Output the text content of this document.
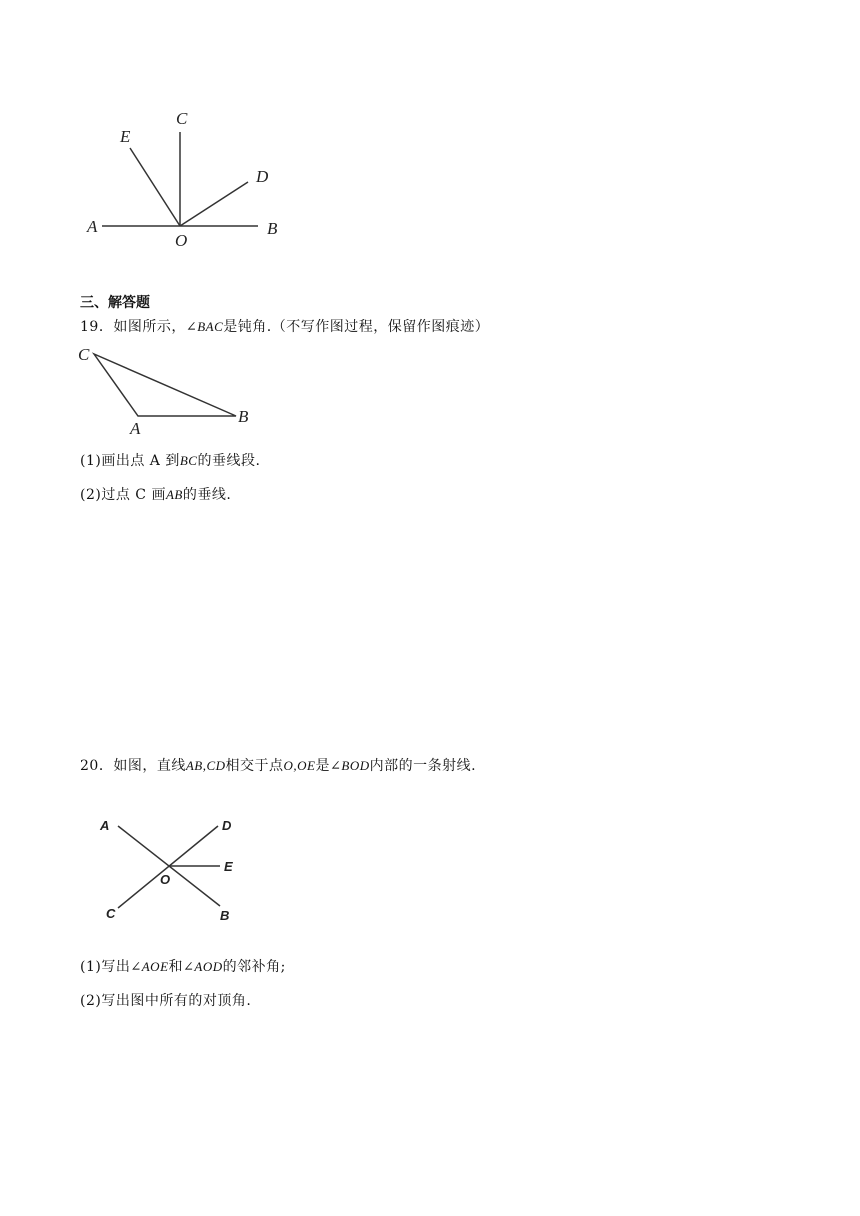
A	B
C
D
E
O
三、解答题
19．如图所示，∠BAC是钝角.（不写作图过程，保留作图痕迹）
C
A
B
(1)画出点 A 到BC的垂线段.
(2)过点 C 画AB的垂线.
20．如图，直线AB,CD相交于点O,OE是∠BOD内部的一条射线.
A	D
E
O
C	B
(1)写出∠AOE和∠AOD的邻补角;
(2)写出图中所有的对顶角.
